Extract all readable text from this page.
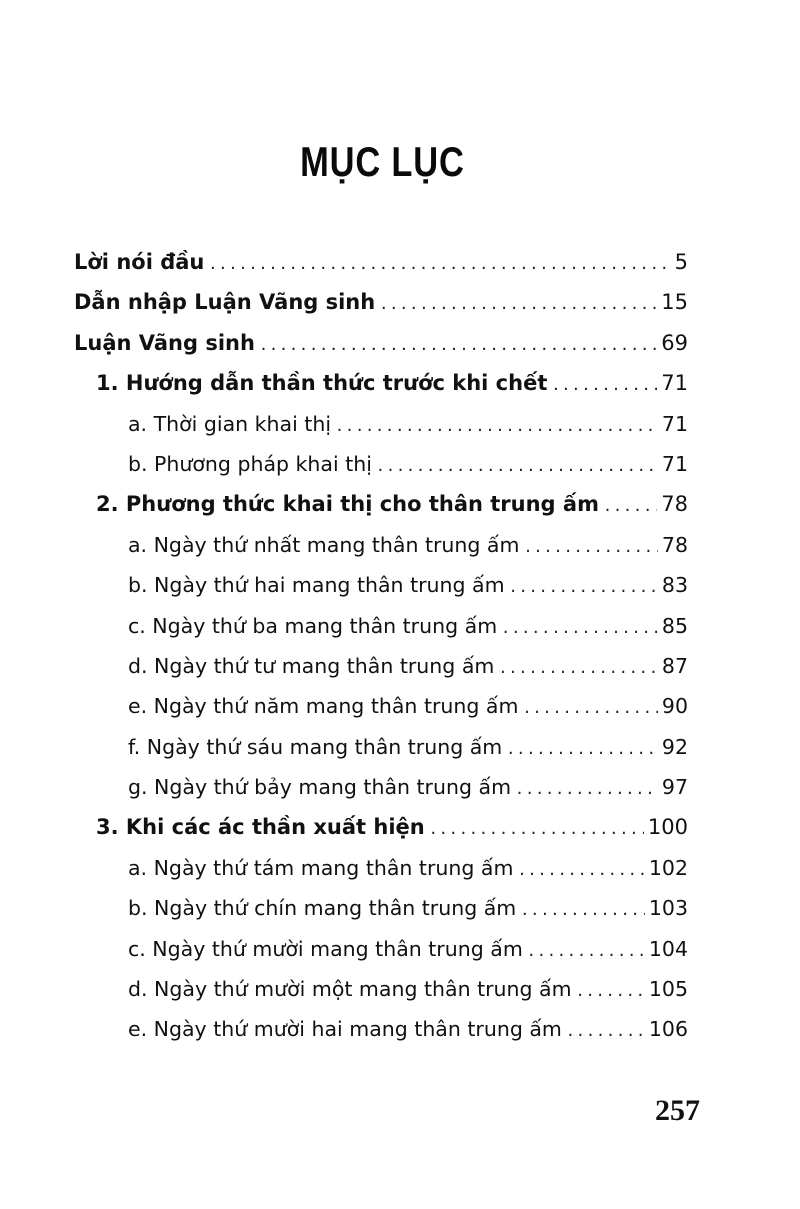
MỤC LỤC
Lời nói đầu .....	5
Dẫn nhập Luận Vãng sinh .....	15
Luận Vãng sinh .....	69
1. Hướng dẫn thần thức trước khi chết .....	71
a. Thời gian khai thị .....	71
b. Phương pháp khai thị .....	71
2. Phương thức khai thị cho thân trung ấm .....	78
a. Ngày thứ nhất mang thân trung ấm .....	78
b. Ngày thứ hai mang thân trung ấm .....	83
c. Ngày thứ ba mang thân trung ấm .....	85
d. Ngày thứ tư mang thân trung ấm .....	87
e. Ngày thứ năm mang thân trung ấm .....	90
f. Ngày thứ sáu mang thân trung ấm .....	92
g. Ngày thứ bảy mang thân trung ấm .....	97
3. Khi các ác thần xuất hiện .....	100
a. Ngày thứ tám mang thân trung ấm .....	102
b. Ngày thứ chín mang thân trung ấm .....	103
c. Ngày thứ mười mang thân trung ấm .....	104
d. Ngày thứ mười một mang thân trung ấm .....	105
e. Ngày thứ mười hai mang thân trung ấm .....	106
257
